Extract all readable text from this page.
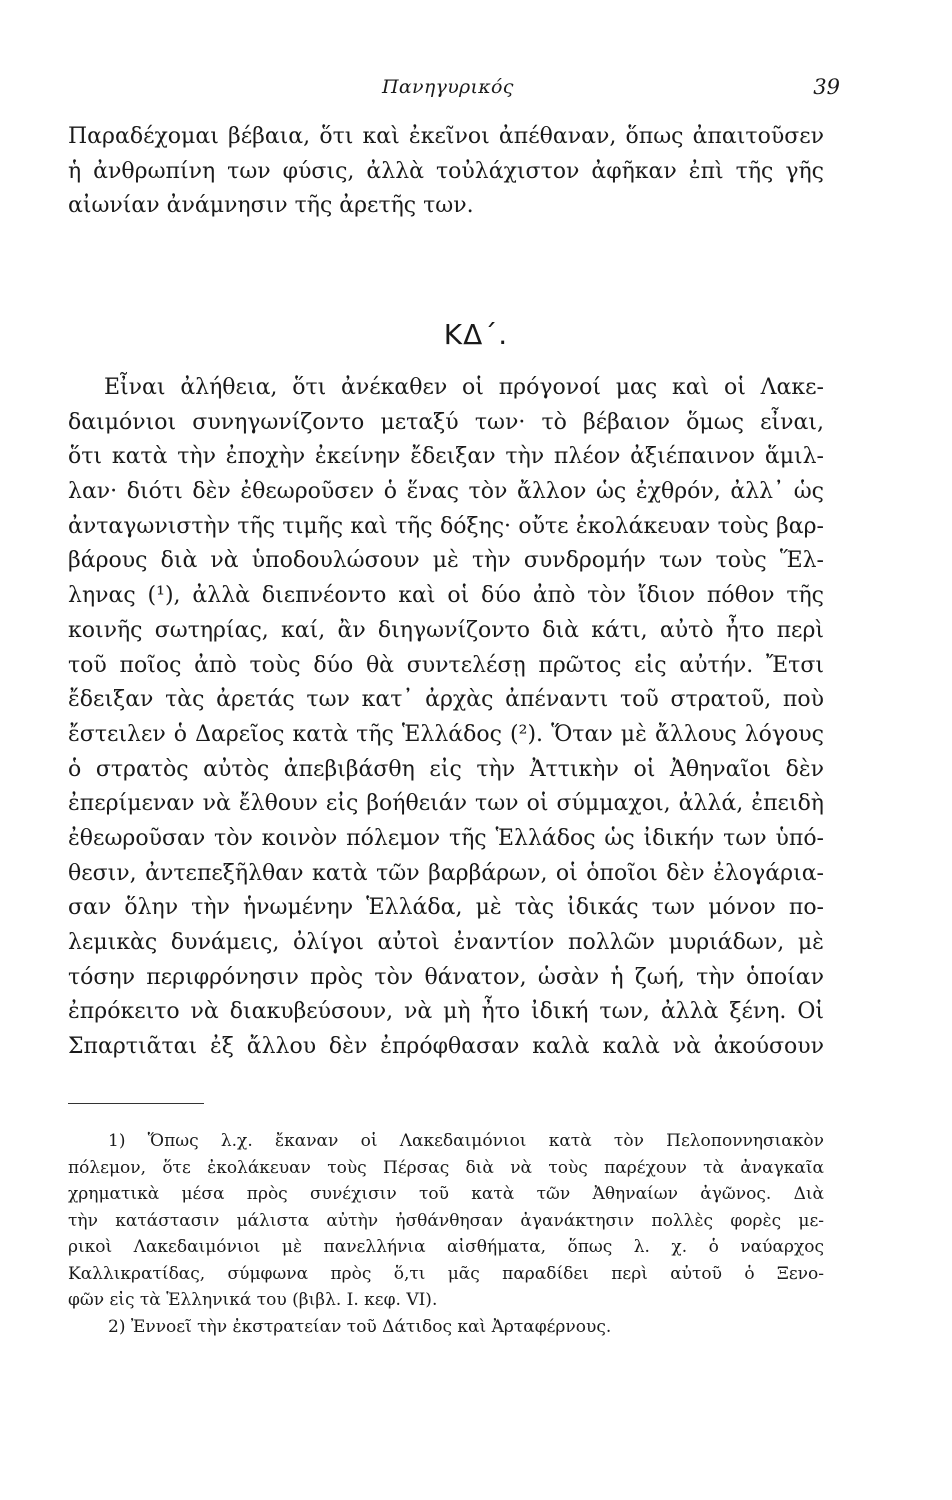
Πανηγυρικός	39
Παραδέχομαι βέβαια, ὅτι καὶ ἐκεῖνοι ἀπέθαναν, ὅπως ἀπαιτοῦσεν
ἡ ἀνθρωπίνη των φύσις, ἀλλὰ τοὐλάχιστον ἀφῆκαν ἐπὶ τῆς γῆς
αἰωνίαν ἀνάμνησιν τῆς ἀρετῆς των.
ΚΔ΄.
Εἶναι ἀλήθεια, ὅτι ἀνέκαθεν οἱ πρόγονοί μας καὶ οἱ Λακε-
δαιμόνιοι συνηγωνίζοντο μεταξύ των· τὸ βέβαιον ὅμως εἶναι,
ὅτι κατὰ τὴν ἐποχὴν ἐκείνην ἔδειξαν τὴν πλέον ἀξιέπαινον ἅμιλ-
λαν· διότι δὲν ἐθεωροῦσεν ὁ ἕνας τὸν ἄλλον ὡς ἐχθρόν, ἀλλ᾽ ὡς
ἀνταγωνιστὴν τῆς τιμῆς καὶ τῆς δόξης· οὔτε ἐκολάκευαν τοὺς βαρ-
βάρους διὰ νὰ ὑποδουλώσουν μὲ τὴν συνδρομήν των τοὺς Ἕλ-
ληνας (¹), ἀλλὰ διεπνέοντο καὶ οἱ δύο ἀπὸ τὸν ἴδιον πόθον τῆς
κοινῆς σωτηρίας, καί, ἂν διηγωνίζοντο διὰ κάτι, αὐτὸ ἦτο περὶ
τοῦ ποῖος ἀπὸ τοὺς δύο θὰ συντελέσῃ πρῶτος εἰς αὐτήν. Ἔτσι
ἔδειξαν τὰς ἀρετάς των κατ᾽ ἀρχὰς ἀπέναντι τοῦ στρατοῦ, ποὺ
ἔστειλεν ὁ Δαρεῖος κατὰ τῆς Ἑλλάδος (²). Ὅταν μὲ ἄλλους λόγους
ὁ στρατὸς αὐτὸς ἀπεβιβάσθη εἰς τὴν Ἀττικὴν οἱ Ἀθηναῖοι δὲν
ἐπερίμεναν νὰ ἔλθουν εἰς βοήθειάν των οἱ σύμμαχοι, ἀλλά, ἐπειδὴ
ἐθεωροῦσαν τὸν κοινὸν πόλεμον τῆς Ἑλλάδος ὡς ἰδικήν των ὑπό-
θεσιν, ἀντεπεξῆλθαν κατὰ τῶν βαρβάρων, οἱ ὁποῖοι δὲν ἐλογάρια-
σαν ὅλην τὴν ἡνωμένην Ἑλλάδα, μὲ τὰς ἰδικάς των μόνον πο-
λεμικὰς δυνάμεις, ὀλίγοι αὐτοὶ ἐναντίον πολλῶν μυριάδων, μὲ
τόσην περιφρόνησιν πρὸς τὸν θάνατον, ὡσὰν ἡ ζωή, τὴν ὁποίαν
ἐπρόκειτο νὰ διακυβεύσουν, νὰ μὴ ἦτο ἰδική των, ἀλλὰ ξένη. Οἱ
Σπαρτιᾶται ἐξ ἄλλου δὲν ἐπρόφθασαν καλὰ καλὰ νὰ ἀκούσουν
1) Ὅπως λ.χ. ἔκαναν οἱ Λακεδαιμόνιοι κατὰ τὸν Πελοποννησιακὸν
πόλεμον, ὅτε ἐκολάκευαν τοὺς Πέρσας διὰ νὰ τοὺς παρέχουν τὰ ἀναγκαῖα
χρηματικὰ μέσα πρὸς συνέχισιν τοῦ κατὰ τῶν Ἀθηναίων ἀγῶνος. Διὰ
τὴν κατάστασιν μάλιστα αὐτὴν ἠσθάνθησαν ἀγανάκτησιν πολλὲς φορὲς με-
ρικοὶ Λακεδαιμόνιοι μὲ πανελλήνια αἰσθήματα, ὅπως λ. χ. ὁ ναύαρχος
Καλλικρατίδας, σύμφωνα πρὸς ὅ,τι μᾶς παραδίδει περὶ αὐτοῦ ὁ Ξενο-
φῶν εἰς τὰ Ἑλληνικά του (βιβλ. I. κεφ. VI).
2) Ἐννοεῖ τὴν ἐκστρατείαν τοῦ Δάτιδος καὶ Ἀρταφέρνους.
